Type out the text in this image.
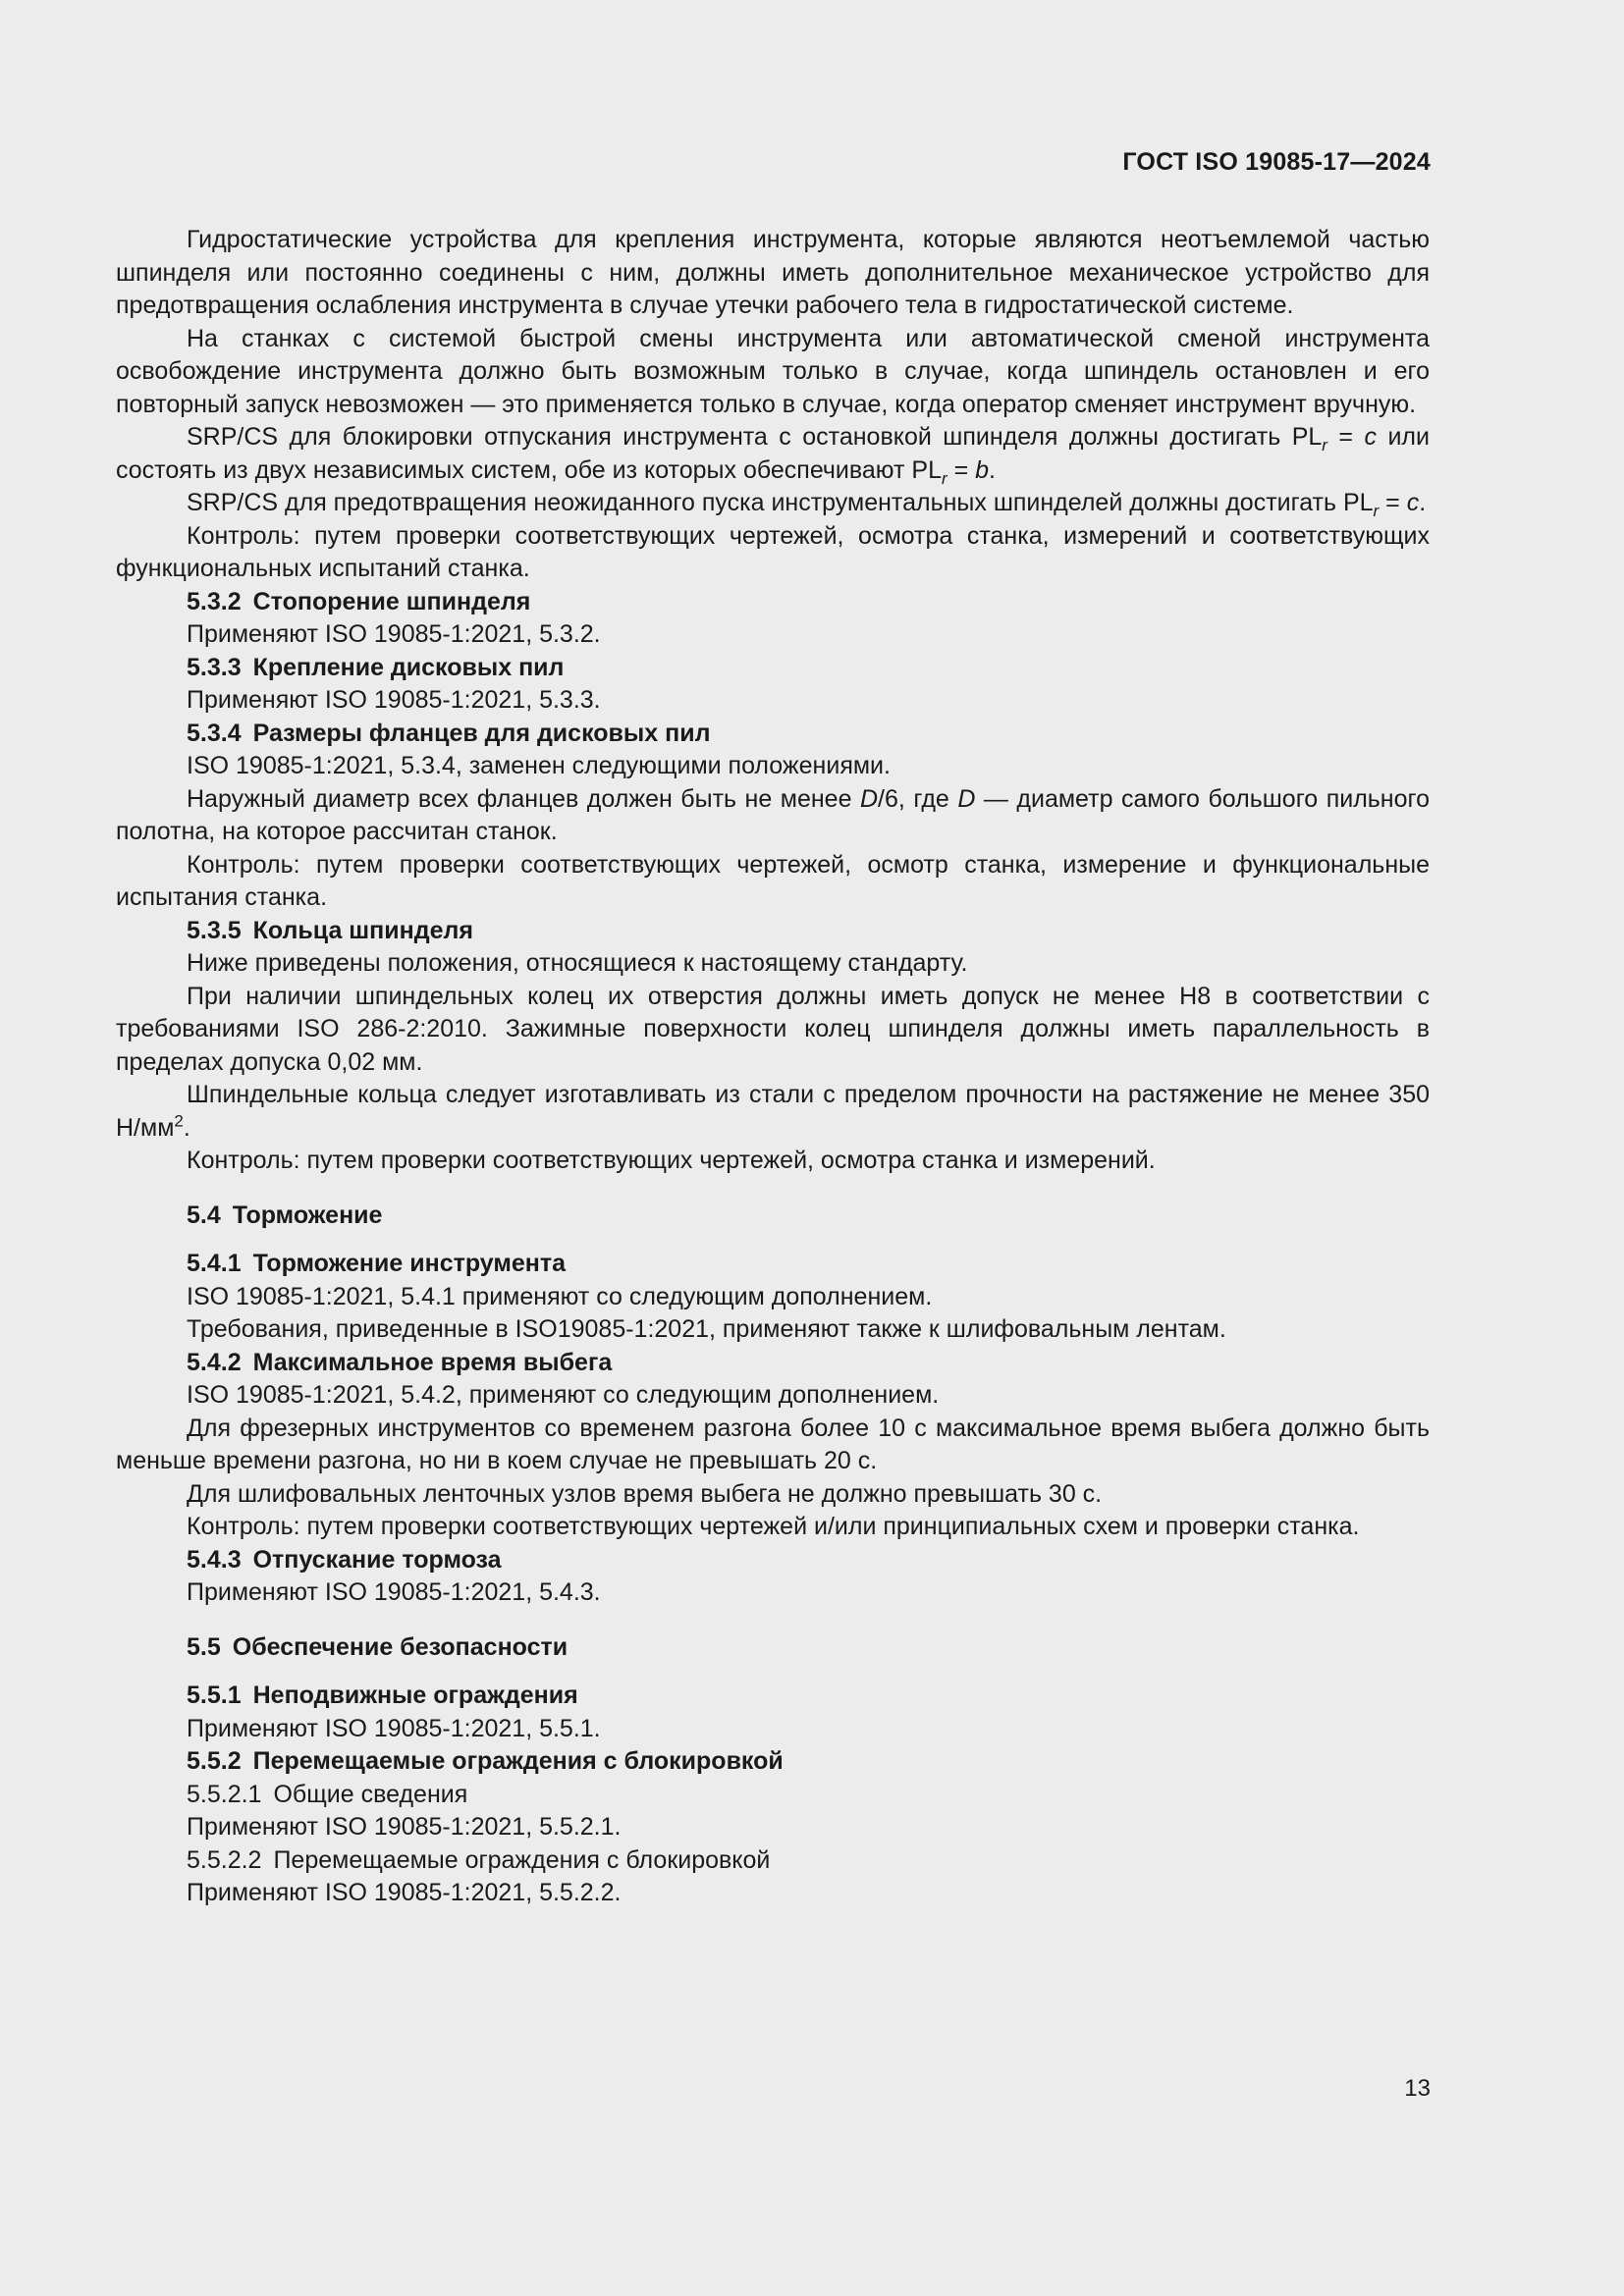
ГОСТ ISO 19085-17—2024

Гидростатические устройства для крепления инструмента, которые являются неотъемлемой частью шпинделя или постоянно соединены с ним, должны иметь дополнительное механическое устройство для предотвращения ослабления инструмента в случае утечки рабочего тела в гидростатической системе.

На станках с системой быстрой смены инструмента или автоматической сменой инструмента освобождение инструмента должно быть возможным только в случае, когда шпиндель остановлен и его повторный запуск невозможен — это применяется только в случае, когда оператор сменяет инструмент вручную.

SRP/CS для блокировки отпускания инструмента с остановкой шпинделя должны достигать $PL_r = c$ или состоять из двух независимых систем, обе из которых обеспечивают $PL_r = b$.

SRP/CS для предотвращения неожиданного пуска инструментальных шпинделей должны достигать $PL_r = c$.

Контроль: путем проверки соответствующих чертежей, осмотра станка, измерений и соответствующих функциональных испытаний станка.

5.3.2 Стопорение шпинделя

Применяют ISO 19085-1:2021, 5.3.2.

5.3.3 Крепление дисковых пил

Применяют ISO 19085-1:2021, 5.3.3.

5.3.4 Размеры фланцев для дисковых пил

ISO 19085-1:2021, 5.3.4, заменен следующими положениями.

Наружный диаметр всех фланцев должен быть не менее D/6, где D — диаметр самого большого пильного полотна, на которое рассчитан станок.

Контроль: путем проверки соответствующих чертежей, осмотр станка, измерение и функциональные испытания станка.

5.3.5 Кольца шпинделя

Ниже приведены положения, относящиеся к настоящему стандарту.

При наличии шпиндельных колец их отверстия должны иметь допуск не менее H8 в соответствии с требованиями ISO 286-2:2010. Зажимные поверхности колец шпинделя должны иметь параллельность в пределах допуска 0,02 мм.

Шпиндельные кольца следует изготавливать из стали с пределом прочности на растяжение не менее 350 $Н/мм^2$.

Контроль: путем проверки соответствующих чертежей, осмотра станка и измерений.

5.4 Торможение

5.4.1 Торможение инструмента

ISO 19085-1:2021, 5.4.1 применяют со следующим дополнением.

Требования, приведенные в ISO19085-1:2021, применяют также к шлифовальным лентам.

5.4.2 Максимальное время выбега

ISO 19085-1:2021, 5.4.2, применяют со следующим дополнением.

Для фрезерных инструментов со временем разгона более 10 с максимальное время выбега должно быть меньше времени разгона, но ни в коем случае не превышать 20 с.

Для шлифовальных ленточных узлов время выбега не должно превышать 30 с.

Контроль: путем проверки соответствующих чертежей и/или принципиальных схем и проверки станка.

5.4.3 Отпускание тормоза

Применяют ISO 19085-1:2021, 5.4.3.

5.5 Обеспечение безопасности

5.5.1 Неподвижные ограждения

Применяют ISO 19085-1:2021, 5.5.1.

5.5.2 Перемещаемые ограждения с блокировкой

5.5.2.1 Общие сведения

Применяют ISO 19085-1:2021, 5.5.2.1.

5.5.2.2 Перемещаемые ограждения с блокировкой

Применяют ISO 19085-1:2021, 5.5.2.2.

13
